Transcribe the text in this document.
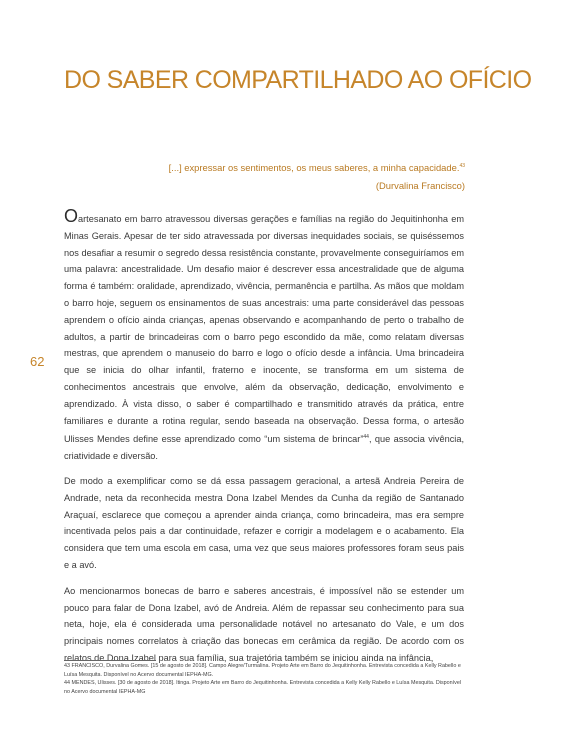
DO SABER COMPARTILHADO AO OFÍCIO

[...] expressar os sentimentos, os meus saberes, a minha capacidade.$^{43}$

(Durvalina Francisco)

62

Oartesanato em barro atravessou diversas gerações e famílias na região do Jequitinhonha em Minas Gerais. Apesar de ter sido atravessada por diversas inequidades sociais, se quiséssemos nos desafiar a resumir o segredo dessa resistência constante, provavelmente conseguiríamos em uma palavra: ancestralidade. Um desafio maior é descrever essa ancestralidade que de alguma forma é também: oralidade, aprendizado, vivência, permanência e partilha. As mãos que moldam o barro hoje, seguem os ensinamentos de suas ancestrais: uma parte considerável das pessoas aprendem o ofício ainda crianças, apenas observando e acompanhando de perto o trabalho de adultos, a partir de brincadeiras com o barro pego escondido da mãe, como relatam diversas mestras, que aprendem o manuseio do barro e logo o ofício desde a infância. Uma brincadeira que se inicia do olhar infantil, fraterno e inocente, se transforma em um sistema de conhecimentos ancestrais que envolve, além da observação, dedicação, envolvimento e aprendizado. À vista disso, o saber é compartilhado e transmitido através da prática, entre familiares e durante a rotina regular, sendo baseada na observação. Dessa forma, o artesão Ulisses Mendes define esse aprendizado como “um sistema de brincar”$^{44}$, que associa vivência, criatividade e diversão.

De modo a exemplificar como se dá essa passagem geracional, a artesã Andreia Pereira de Andrade, neta da reconhecida mestra Dona Izabel Mendes da Cunha da região de Santanado Araçuaí, esclarece que começou a aprender ainda criança, como brincadeira, mas era sempre incentivada pelos pais a dar continuidade, refazer e corrigir a modelagem e o acabamento. Ela considera que tem uma escola em casa, uma vez que seus maiores professores foram seus pais e a avó.

Ao mencionarmos bonecas de barro e saberes ancestrais, é impossível não se estender um pouco para falar de Dona Izabel, avó de Andreia. Além de repassar seu conhecimento para sua neta, hoje, ela é considerada uma personalidade notável no artesanato do Vale, e um dos principais nomes correlatos à criação das bonecas em cerâmica da região. De acordo com os relatos de Dona Izabel para sua família, sua trajetória também se iniciou ainda na infância,

43 FRANCISCO, Durvalina Gomes. [15 de agosto de 2018]. Campo Alegre/Turmalina. Projeto Arte em Barro do Jequitinhonha. Entrevista concedida a Kelly Rabello e Luísa Mesquita. Disponível no Acervo documental IEPHA-MG.

44 MENDES, Ulisses. [30 de agosto de 2018]. Itinga. Projeto Arte em Barro do Jequitinhonha. Entrevista concedida a Kelly Kelly Rabello e Luísa Mesquita. Disponível no Acervo documental IEPHA-MG
